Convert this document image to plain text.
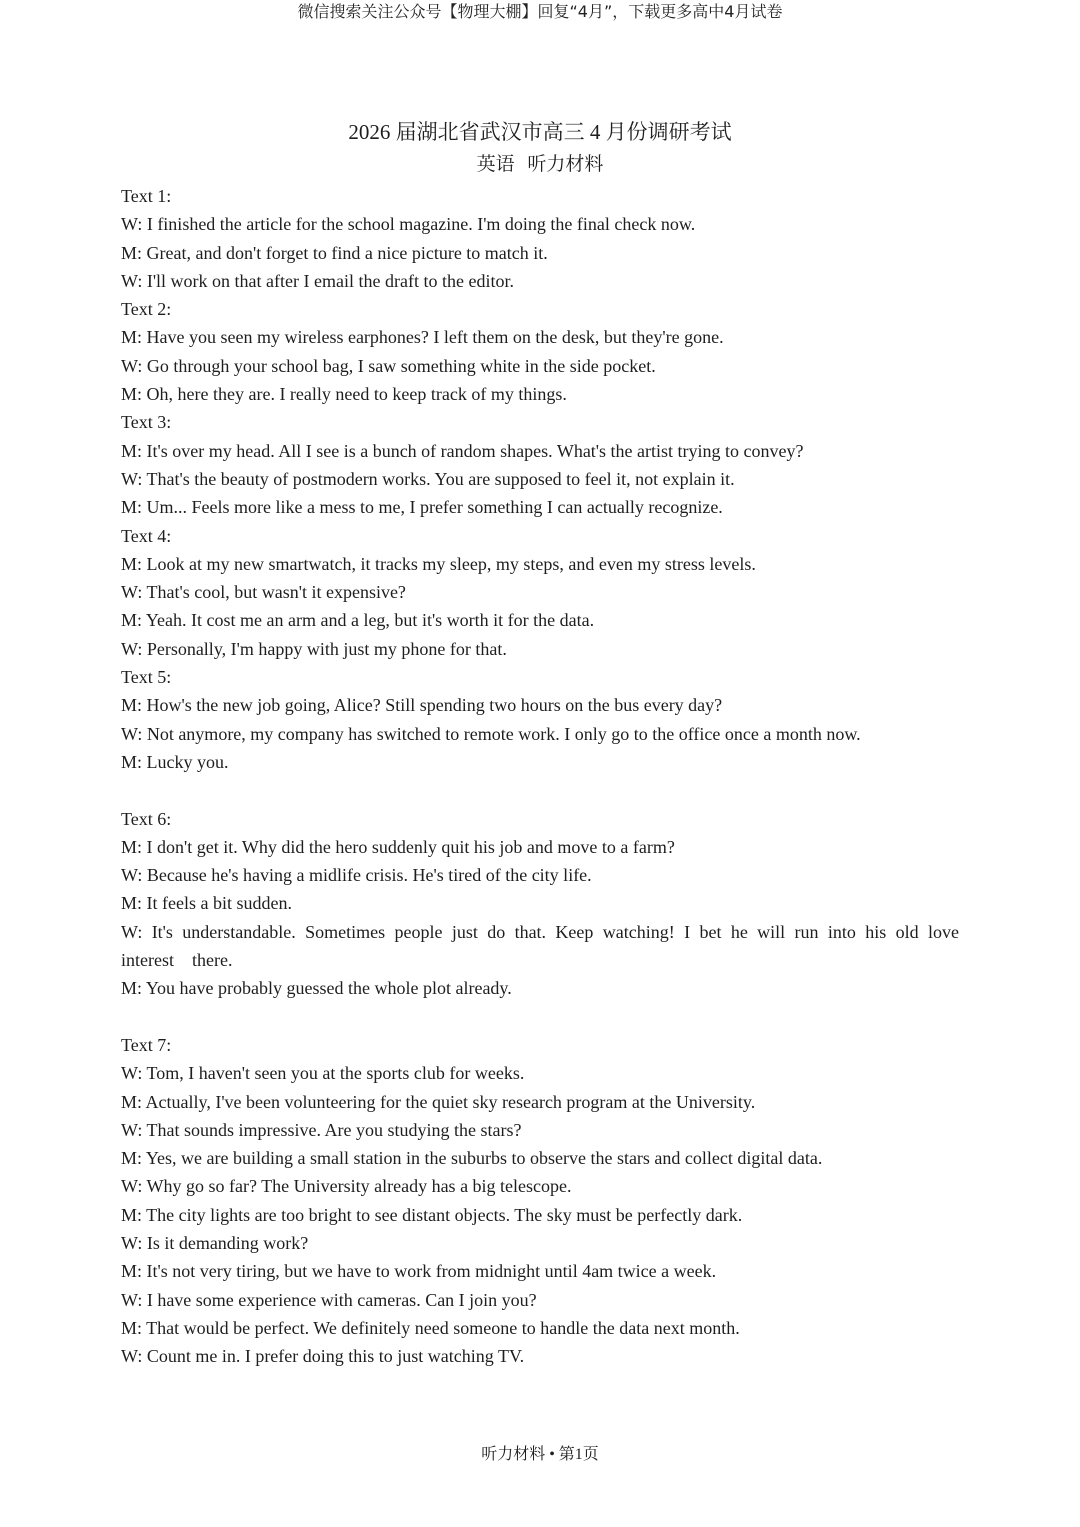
微信搜索关注公众号【物理大棚】回复“4月”，下载更多高中4月试卷
2026 届湖北省武汉市高三 4 月份调研考试
英语 听力材料
Text 1:
W: I finished the article for the school magazine. I'm doing the final check now.
M: Great, and don't forget to find a nice picture to match it.
W: I'll work on that after I email the draft to the editor.
Text 2:
M: Have you seen my wireless earphones? I left them on the desk, but they're gone.
W: Go through your school bag, I saw something white in the side pocket.
M: Oh, here they are. I really need to keep track of my things.
Text 3:
M: It's over my head. All I see is a bunch of random shapes. What's the artist trying to convey?
W: That's the beauty of postmodern works. You are supposed to feel it, not explain it.
M: Um... Feels more like a mess to me, I prefer something I can actually recognize.
Text 4:
M: Look at my new smartwatch, it tracks my sleep, my steps, and even my stress levels.
W: That's cool, but wasn't it expensive?
M: Yeah. It cost me an arm and a leg, but it's worth it for the data.
W: Personally, I'm happy with just my phone for that.
Text 5:
M: How's the new job going, Alice? Still spending two hours on the bus every day?
W: Not anymore, my company has switched to remote work. I only go to the office once a month now.
M: Lucky you.
Text 6:
M: I don't get it. Why did the hero suddenly quit his job and move to a farm?
W: Because he's having a midlife crisis. He's tired of the city life.
M: It feels a bit sudden.
W: It's understandable. Sometimes people just do that. Keep watching! I bet he will run into his old love
interest    there.
M: You have probably guessed the whole plot already.
Text 7:
W: Tom, I haven't seen you at the sports club for weeks.
M: Actually, I've been volunteering for the quiet sky research program at the University.
W: That sounds impressive. Are you studying the stars?
M: Yes, we are building a small station in the suburbs to observe the stars and collect digital data.
W: Why go so far? The University already has a big telescope.
M: The city lights are too bright to see distant objects. The sky must be perfectly dark.
W: Is it demanding work?
M: It's not very tiring, but we have to work from midnight until 4am twice a week.
W: I have some experience with cameras. Can I join you?
M: That would be perfect. We definitely need someone to handle the data next month.
W: Count me in. I prefer doing this to just watching TV.
听力材料 • 第1页
